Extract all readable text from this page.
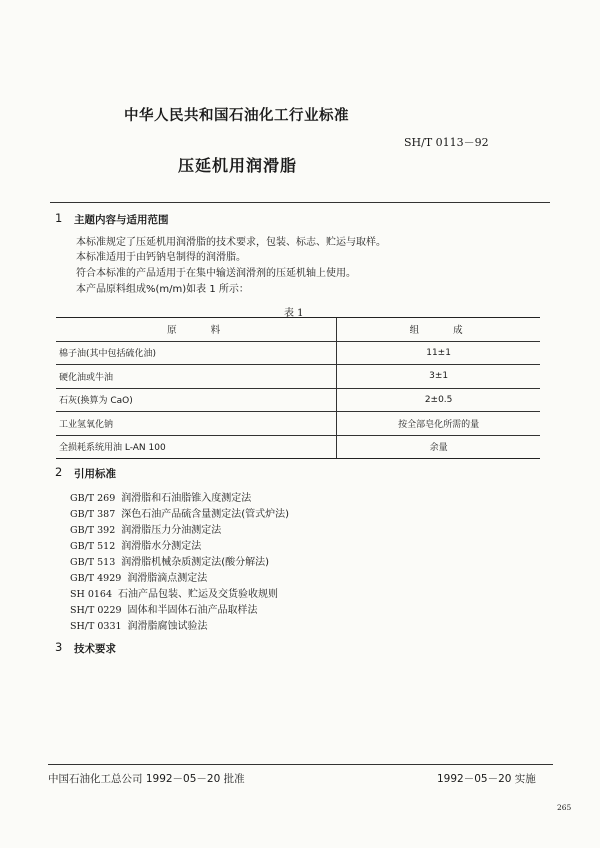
中华人民共和国石油化工行业标准
SH/T 0113－92
压延机用润滑脂
1 主题内容与适用范围
本标准规定了压延机用润滑脂的技术要求，包装、标志、贮运与取样。
本标准适用于由钙钠皂制得的润滑脂。
符合本标准的产品适用于在集中输送润滑剂的压延机轴上使用。
本产品原料组成%(m/m)如表 1 所示：
表 1
原　　料	组　　成
棉子油(其中包括硫化油)	11±1
硬化油或牛油	3±1
石灰(换算为 CaO)	2±0.5
工业氢氧化钠	按全部皂化所需的量
全损耗系统用油 L-AN 100	余量
2 引用标准
GB/T 269 润滑脂和石油脂锥入度测定法
GB/T 387 深色石油产品硫含量测定法(管式炉法)
GB/T 392 润滑脂压力分油测定法
GB/T 512 润滑脂水分测定法
GB/T 513 润滑脂机械杂质测定法(酸分解法)
GB/T 4929 润滑脂滴点测定法
SH 0164 石油产品包装、贮运及交货验收规则
SH/T 0229 固体和半固体石油产品取样法
SH/T 0331 润滑脂腐蚀试验法
3 技术要求
中国石油化工总公司 1992－05－20 批准	1992－05－20 实施
265
